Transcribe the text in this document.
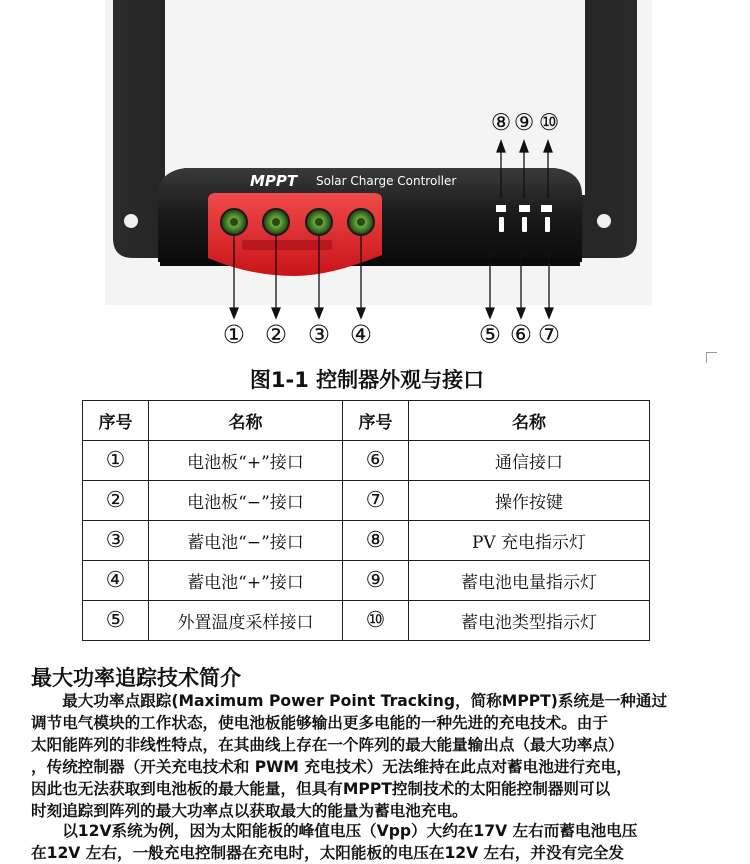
MPPT Solar Charge Controller
⑧ ⑨ ⑩
① ② ③ ④	⑤ ⑥ ⑦
图1-1 控制器外观与接口
序号	名称	序号	名称
①	电池板“+”接口	⑥	通信接口
②	电池板“−”接口	⑦	操作按键
③	蓄电池“−”接口	⑧	PV 充电指示灯
④	蓄电池“+”接口	⑨	蓄电池电量指示灯
⑤	外置温度采样接口	⑩	蓄电池类型指示灯
最大功率追踪技术简介

　　最大功率点跟踪(Maximum Power Point Tracking，简称MPPT)系统是一种通过
调节电气模块的工作状态，使电池板能够输出更多电能的一种先进的充电技术。由于
太阳能阵列的非线性特点，在其曲线上存在一个阵列的最大能量输出点（最大功率点）
，传统控制器（开关充电技术和 PWM 充电技术）无法维持在此点对蓄电池进行充电，
因此也无法获取到电池板的最大能量，但具有MPPT控制技术的太阳能控制器则可以
时刻追踪到阵列的最大功率点以获取最大的能量为蓄电池充电。

　　以12V系统为例，因为太阳能板的峰值电压（Vpp）大约在17V 左右而蓄电池电压
在12V 左右，一般充电控制器在充电时，太阳能板的电压在12V 左右，并没有完全发
